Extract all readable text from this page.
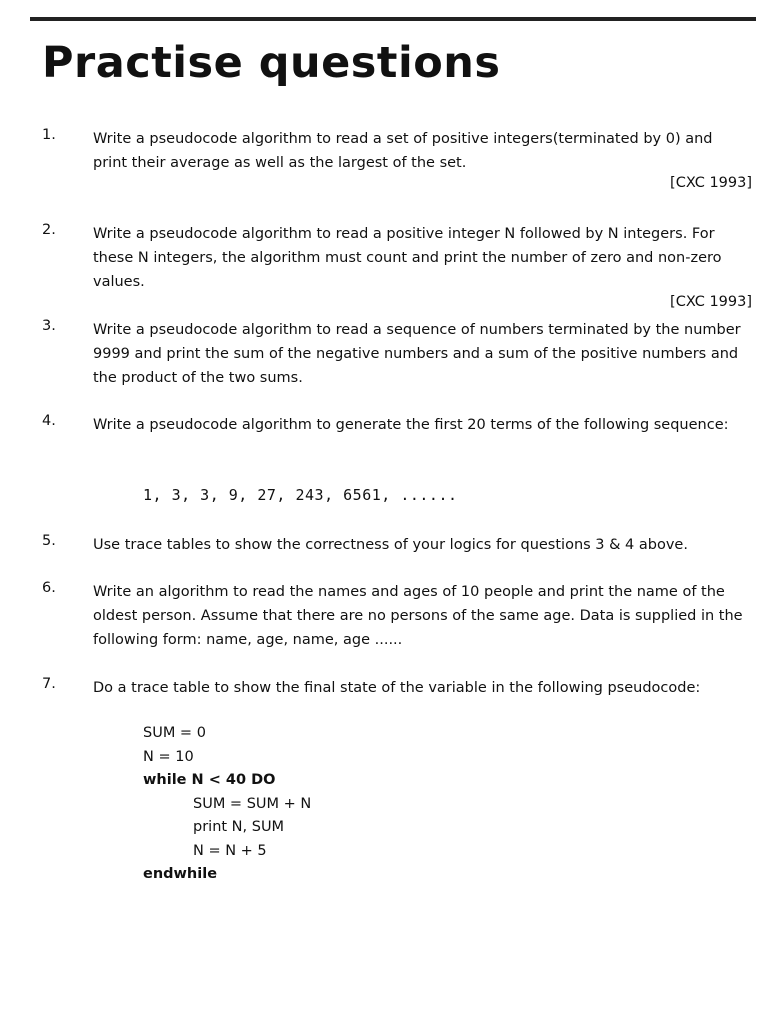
Practise questions
1.	Write a pseudocode algorithm to read a set of positive integers(terminated by 0) and print their average as well as the largest of the set.
[CXC 1993]
2.	Write a pseudocode algorithm to read a positive integer N followed by N integers. For these N integers, the algorithm must count and print the number of zero and non-zero values.
[CXC 1993]
3.	Write a pseudocode algorithm to read a sequence of numbers terminated by the number 9999 and print the sum of the negative numbers and a sum of the positive numbers and the product of the two sums.
4.	Write a pseudocode algorithm to generate the first 20 terms of the following sequence:
1, 3, 3, 9, 27, 243, 6561, ......
5.	Use trace tables to show the correctness of your logics for questions 3 & 4 above.
6.	Write an algorithm to read the names and ages of 10 people and print the name of the oldest person. Assume that there are no persons of the same age. Data is supplied in the following form: name, age, name, age ......
7.	Do a trace table to show the final state of the variable in the following pseudocode:
SUM = 0
N = 10
while N < 40 DO
SUM = SUM + N
print N, SUM
N = N + 5
endwhile
